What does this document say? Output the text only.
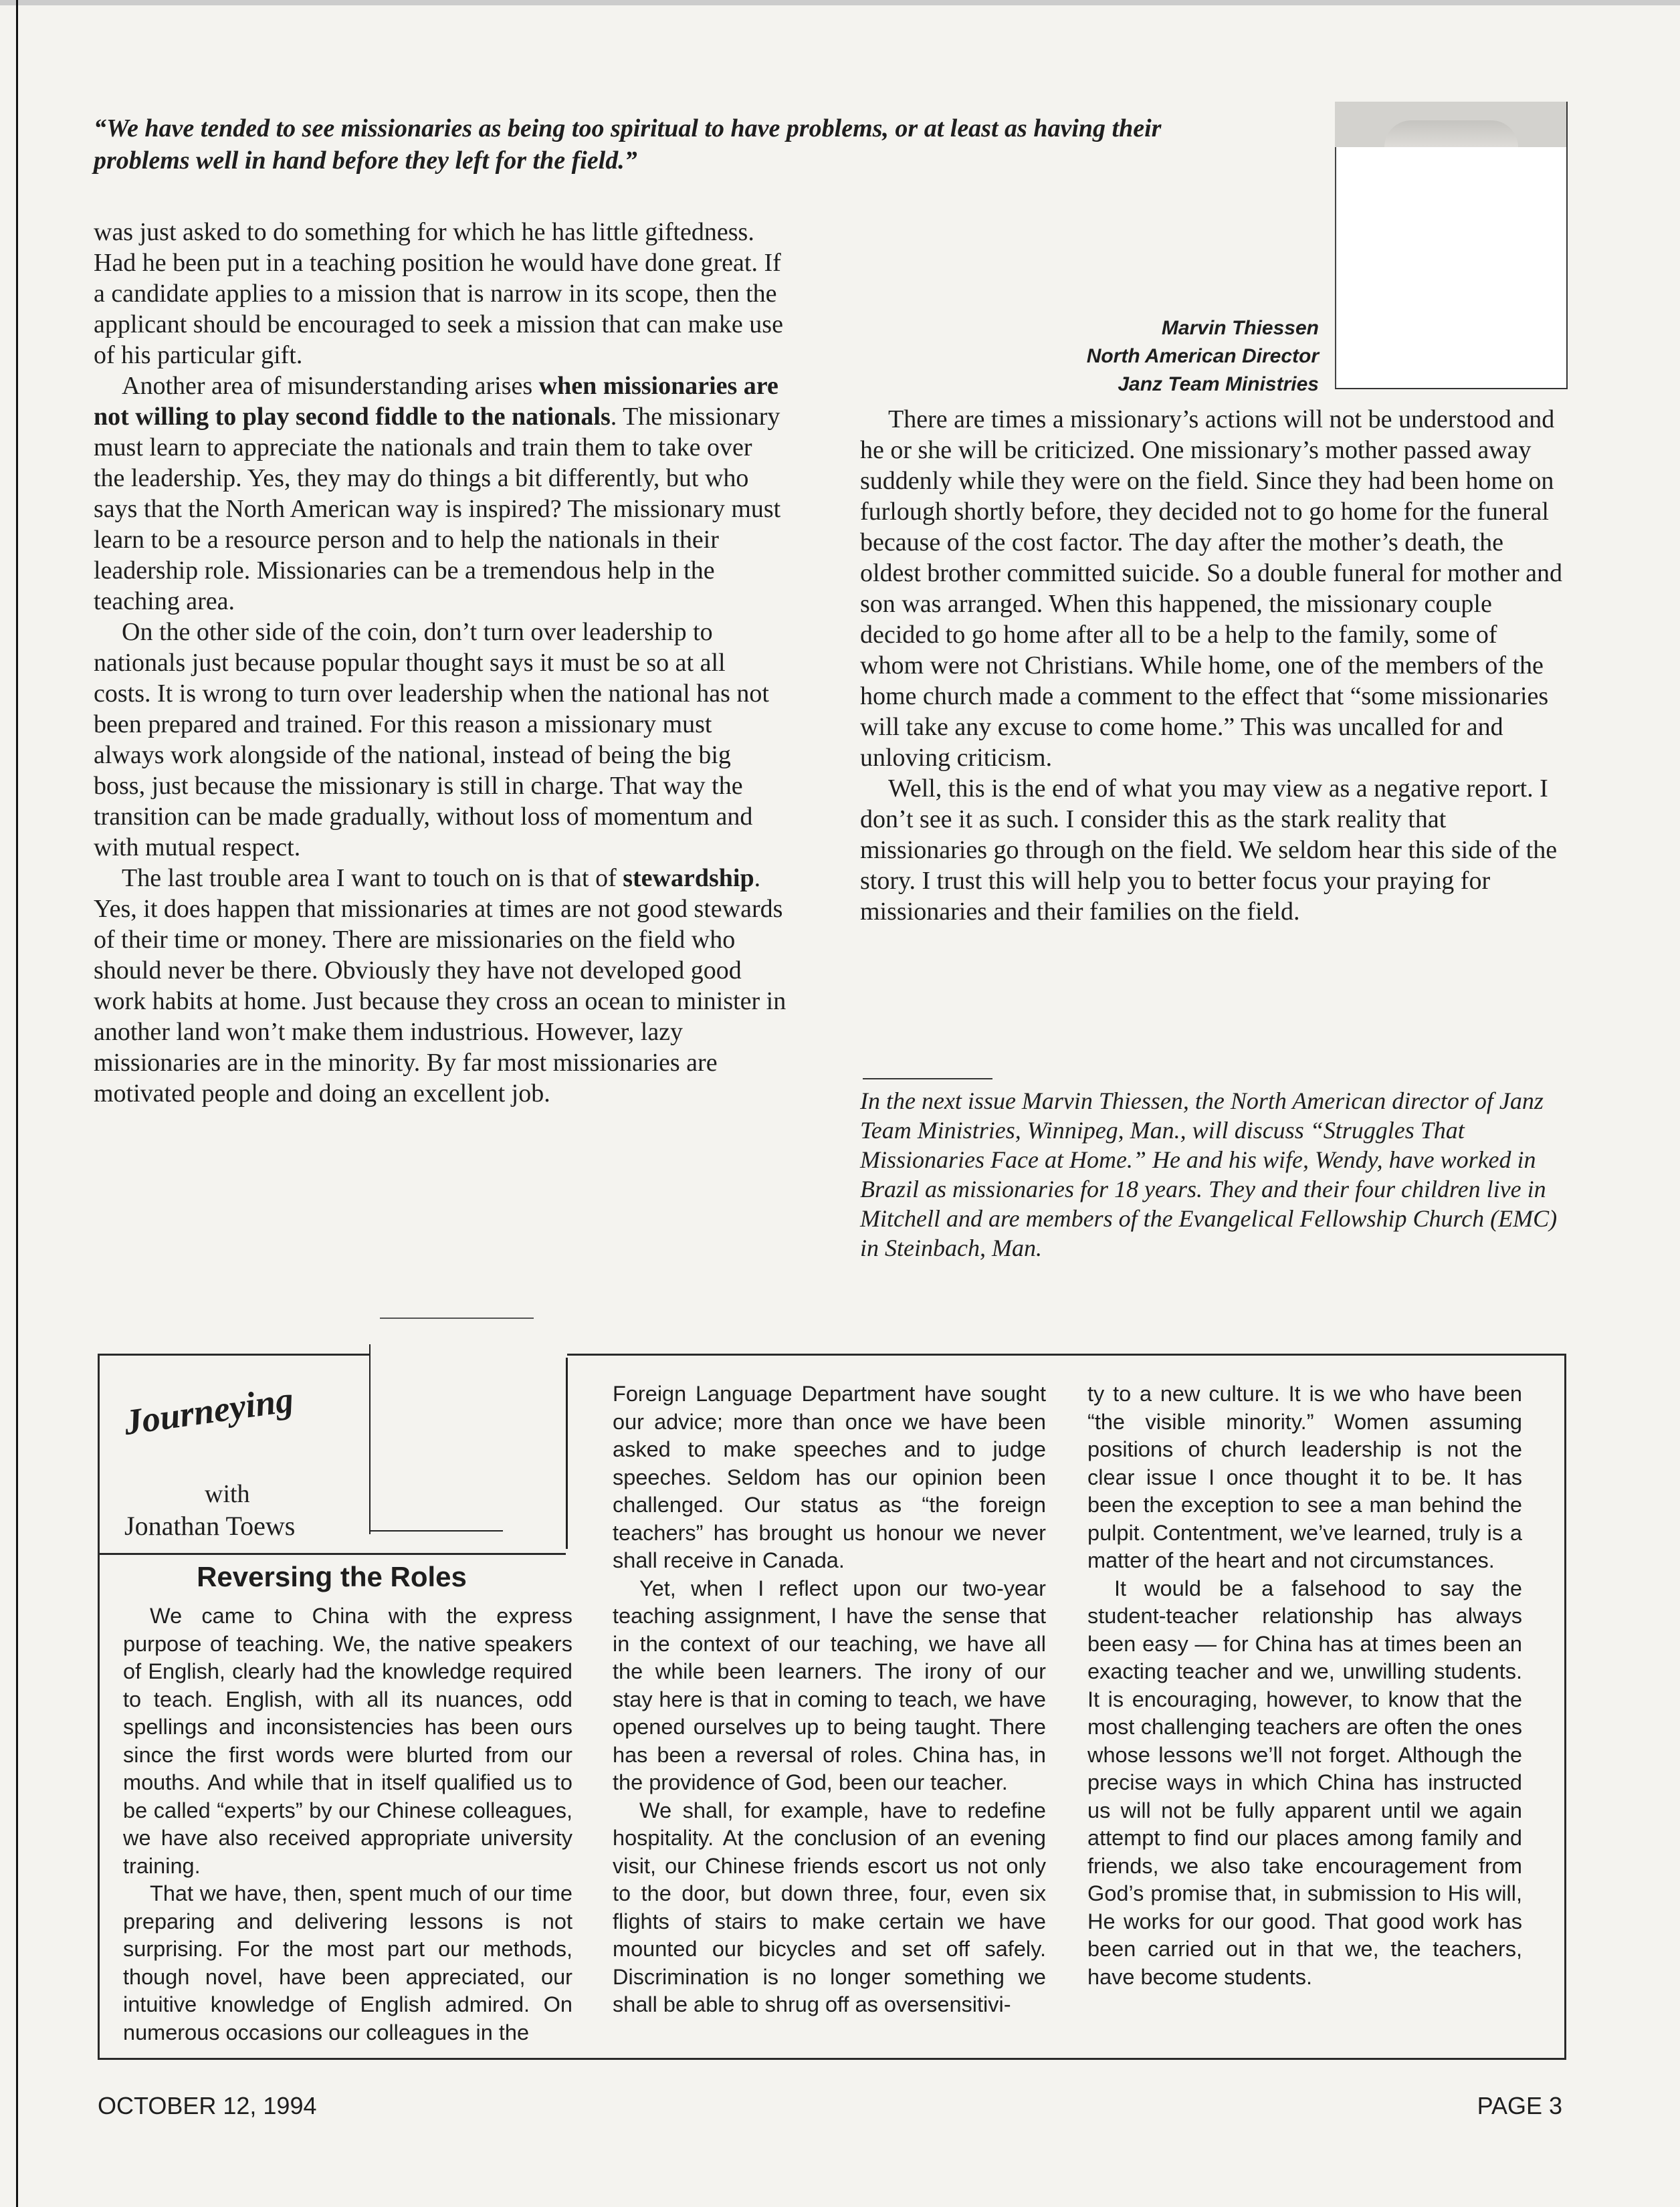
“We have tended to see missionaries as being too spiritual to have problems, or at least as having their problems well in hand before they left for the field.”
Marvin Thiessen
North American Director
Janz Team Ministries

was just asked to do something for which he has little giftedness. Had he been put in a teaching position he would have done great. If a candidate applies to a mission that is narrow in its scope, then the applicant should be encouraged to seek a mission that can make use of his particular gift.

Another area of misunderstanding arises when missionaries are not willing to play second fiddle to the nationals. The missionary must learn to appreciate the nationals and train them to take over the leadership. Yes, they may do things a bit differently, but who says that the North American way is inspired? The missionary must learn to be a resource person and to help the nationals in their leadership role. Missionaries can be a tremendous help in the teaching area.

On the other side of the coin, don’t turn over leadership to nationals just because popular thought says it must be so at all costs. It is wrong to turn over leadership when the national has not been prepared and trained. For this reason a missionary must always work alongside of the national, instead of being the big boss, just because the missionary is still in charge. That way the transition can be made gradually, without loss of momentum and with mutual respect.

The last trouble area I want to touch on is that of stewardship. Yes, it does happen that missionaries at times are not good stewards of their time or money. There are missionaries on the field who should never be there. Obviously they have not developed good work habits at home. Just because they cross an ocean to minister in another land won’t make them industrious. However, lazy missionaries are in the minority. By far most missionaries are motivated people and doing an excellent job.

There are times a missionary’s actions will not be understood and he or she will be criticized. One missionary’s mother passed away suddenly while they were on the field. Since they had been home on furlough shortly before, they decided not to go home for the funeral because of the cost factor. The day after the mother’s death, the oldest brother committed suicide. So a double funeral for mother and son was arranged. When this happened, the missionary couple decided to go home after all to be a help to the family, some of whom were not Christians. While home, one of the members of the home church made a comment to the effect that “some missionaries will take any excuse to come home.” This was uncalled for and unloving criticism.

Well, this is the end of what you may view as a negative report. I don’t see it as such. I consider this as the stark reality that missionaries go through on the field. We seldom hear this side of the story. I trust this will help you to better focus your praying for missionaries and their families on the field.

In the next issue Marvin Thiessen, the North American director of Janz Team Ministries, Winnipeg, Man., will discuss “Struggles That Missionaries Face at Home.” He and his wife, Wendy, have worked in Brazil as missionaries for 18 years. They and their four children live in Mitchell and are members of the Evangelical Fellowship Church (EMC) in Steinbach, Man.
Journeying
with
Jonathan Toews
Reversing the Roles

We came to China with the express purpose of teaching. We, the native speakers of English, clearly had the knowledge required to teach. English, with all its nuances, odd spellings and inconsistencies has been ours since the first words were blurted from our mouths. And while that in itself qualified us to be called “experts” by our Chinese colleagues, we have also received appropriate university training.

That we have, then, spent much of our time preparing and delivering lessons is not surprising. For the most part our methods, though novel, have been appreciated, our intuitive knowledge of English admired. On numerous occasions our colleagues in the

Foreign Language Department have sought our advice; more than once we have been asked to make speeches and to judge speeches. Seldom has our opinion been challenged. Our status as “the foreign teachers” has brought us honour we never shall receive in Canada.

Yet, when I reflect upon our two-year teaching assignment, I have the sense that in the context of our teaching, we have all the while been learners. The irony of our stay here is that in coming to teach, we have opened ourselves up to being taught. There has been a reversal of roles. China has, in the providence of God, been our teacher.

We shall, for example, have to redefine hospitality. At the conclusion of an evening visit, our Chinese friends escort us not only to the door, but down three, four, even six flights of stairs to make certain we have mounted our bicycles and set off safely. Discrimination is no longer something we shall be able to shrug off as oversensitivi-

ty to a new culture. It is we who have been “the visible minority.” Women assuming positions of church leadership is not the clear issue I once thought it to be. It has been the exception to see a man behind the pulpit. Contentment, we’ve learned, truly is a matter of the heart and not circumstances.

It would be a falsehood to say the student-teacher relationship has always been easy — for China has at times been an exacting teacher and we, unwilling students. It is encouraging, however, to know that the most challenging teachers are often the ones whose lessons we’ll not forget. Although the precise ways in which China has instructed us will not be fully apparent until we again attempt to find our places among family and friends, we also take encouragement from God’s promise that, in submission to His will, He works for our good. That good work has been carried out in that we, the teachers, have become students.

OCTOBER 12, 1994	PAGE 3
